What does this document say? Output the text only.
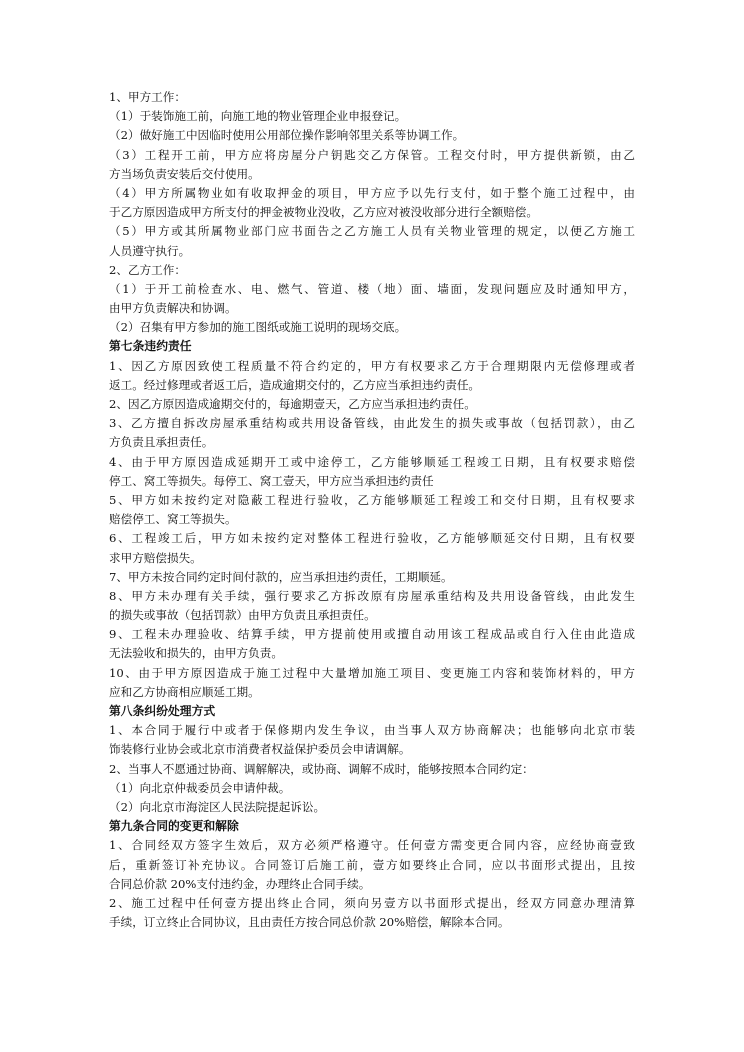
1、甲方工作：
（1）于装饰施工前，向施工地的物业管理企业申报登记。
（2）做好施工中因临时使用公用部位操作影响邻里关系等协调工作。
（3）工程开工前，甲方应将房屋分户钥匙交乙方保管。工程交付时，甲方提供新锁，由乙
方当场负责安装后交付使用。
（4）甲方所属物业如有收取押金的项目，甲方应予以先行支付，如于整个施工过程中，由
于乙方原因造成甲方所支付的押金被物业没收，乙方应对被没收部分进行全额赔偿。
（5）甲方或其所属物业部门应书面告之乙方施工人员有关物业管理的规定，以便乙方施工
人员遵守执行。
2、乙方工作：
（1）于开工前检查水、电、燃气、管道、楼（地）面、墙面，发现问题应及时通知甲方，
由甲方负责解决和协调。
（2）召集有甲方参加的施工图纸或施工说明的现场交底。
第七条违约责任
1、因乙方原因致使工程质量不符合约定的，甲方有权要求乙方于合理期限内无偿修理或者
返工。经过修理或者返工后，造成逾期交付的，乙方应当承担违约责任。
2、因乙方原因造成逾期交付的，每逾期壹天，乙方应当承担违约责任。
3、乙方擅自拆改房屋承重结构或共用设备管线，由此发生的损失或事故（包括罚款），由乙
方负责且承担责任。
4、由于甲方原因造成延期开工或中途停工，乙方能够顺延工程竣工日期，且有权要求赔偿
停工、窝工等损失。每停工、窝工壹天，甲方应当承担违约责任
5、甲方如未按约定对隐蔽工程进行验收，乙方能够顺延工程竣工和交付日期，且有权要求
赔偿停工、窝工等损失。
6、工程竣工后，甲方如未按约定对整体工程进行验收，乙方能够顺延交付日期，且有权要
求甲方赔偿损失。
7、甲方未按合同约定时间付款的，应当承担违约责任，工期顺延。
8、甲方未办理有关手续，强行要求乙方拆改原有房屋承重结构及共用设备管线，由此发生
的损失或事故（包括罚款）由甲方负责且承担责任。
9、工程未办理验收、结算手续，甲方提前使用或擅自动用该工程成品或自行入住由此造成
无法验收和损失的，由甲方负责。
10、由于甲方原因造成于施工过程中大量增加施工项目、变更施工内容和装饰材料的，甲方
应和乙方协商相应顺延工期。
第八条纠纷处理方式
1、本合同于履行中或者于保修期内发生争议，由当事人双方协商解决；也能够向北京市装
饰装修行业协会或北京市消费者权益保护委员会申请调解。
2、当事人不愿通过协商、调解解决，或协商、调解不成时，能够按照本合同约定：
（1）向北京仲裁委员会申请仲裁。
（2）向北京市海淀区人民法院提起诉讼。
第九条合同的变更和解除
1、合同经双方签字生效后，双方必须严格遵守。任何壹方需变更合同内容，应经协商壹致
后，重新签订补充协议。合同签订后施工前，壹方如要终止合同，应以书面形式提出，且按
合同总价款 20%支付违约金，办理终止合同手续。
2、施工过程中任何壹方提出终止合同，须向另壹方以书面形式提出，经双方同意办理清算
手续，订立终止合同协议，且由责任方按合同总价款 20%赔偿，解除本合同。
